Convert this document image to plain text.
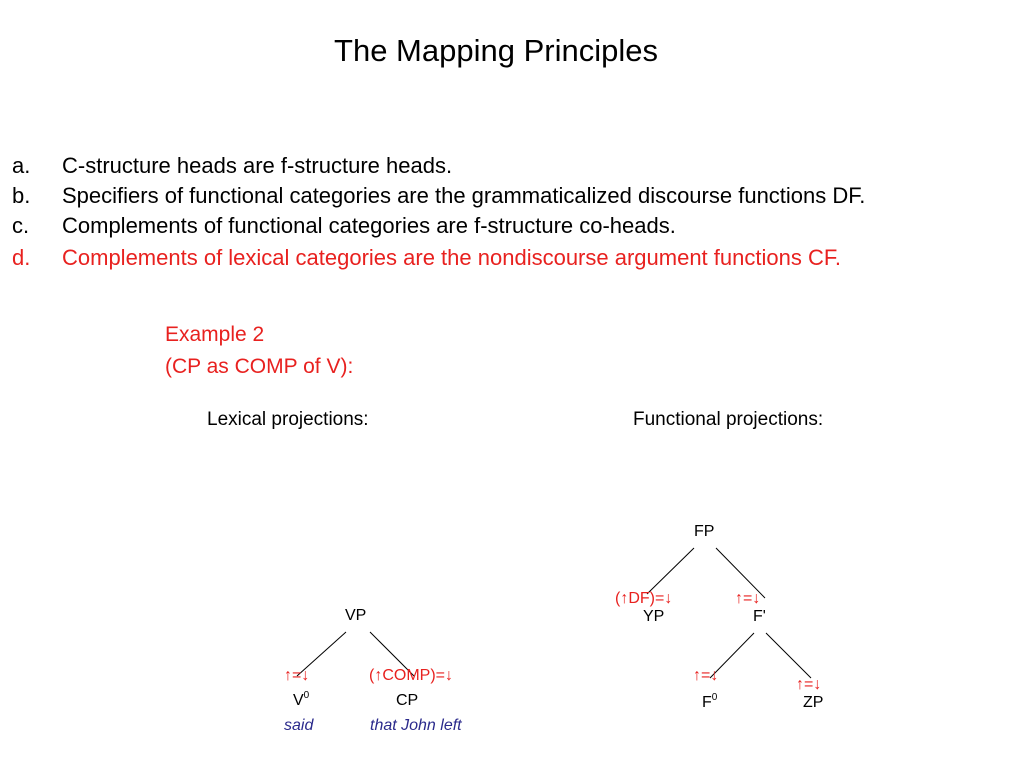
The Mapping Principles
a. C-structure heads are f-structure heads.
b. Specifiers of functional categories are the grammaticalized discourse functions DF.
c. Complements of functional categories are f-structure co-heads.
d. Complements of lexical categories are the nondiscourse argument functions CF.
Example 2
(CP as COMP of V):
Lexical projections:	Functional projections:
VP
↑=↓	(↑COMP)=↓
$V^0$	CP
said	that John left
FP
(↑DF)=↓	↑=↓
YP	F'
↑=↓
↑=↓
$F^0$	ZP
